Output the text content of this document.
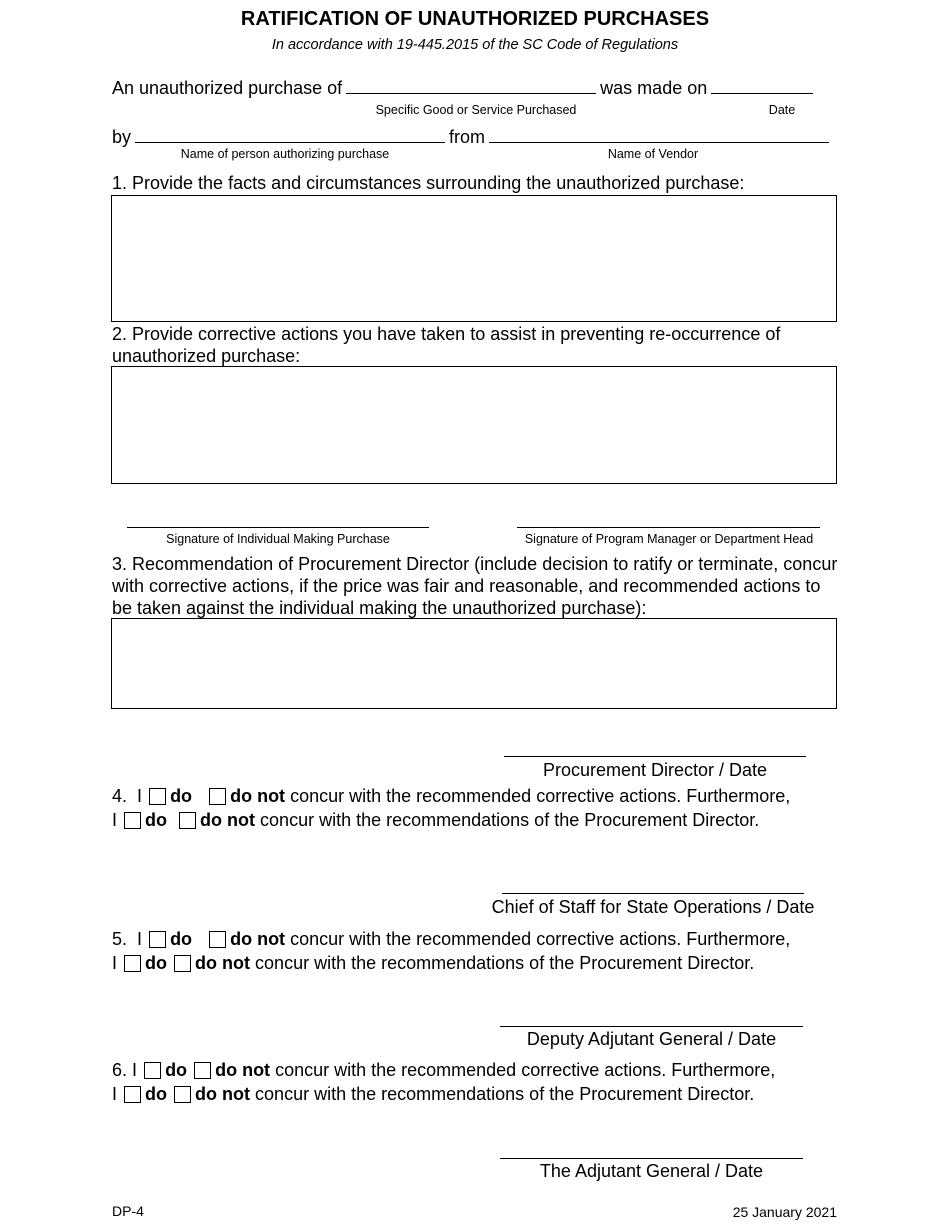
RATIFICATION OF UNAUTHORIZED PURCHASES
In accordance with 19-445.2015 of the SC Code of Regulations
An unauthorized purchase of	was made on
Specific Good or Service Purchased	Date
by	from
Name of person authorizing purchase	Name of Vendor
1. Provide the facts and circumstances surrounding the unauthorized purchase:
2. Provide corrective actions you have taken to assist in preventing re-occurrence of unauthorized purchase:
Signature of Individual Making Purchase	Signature of Program Manager or Department Head
3. Recommendation of Procurement Director (include decision to ratify or terminate, concur with corrective actions, if the price was fair and reasonable, and recommended actions to be taken against the individual making the unauthorized purchase):
Procurement Director / Date
4. I do do not concur with the recommended corrective actions. Furthermore,
I do do not concur with the recommendations of the Procurement Director.
Chief of Staff for State Operations / Date
5. I do do not concur with the recommended corrective actions. Furthermore,
I do do not concur with the recommendations of the Procurement Director.
Deputy Adjutant General / Date
6. I do do not concur with the recommended corrective actions. Furthermore,
I do do not concur with the recommendations of the Procurement Director.
The Adjutant General / Date
DP-4	25 January 2021
